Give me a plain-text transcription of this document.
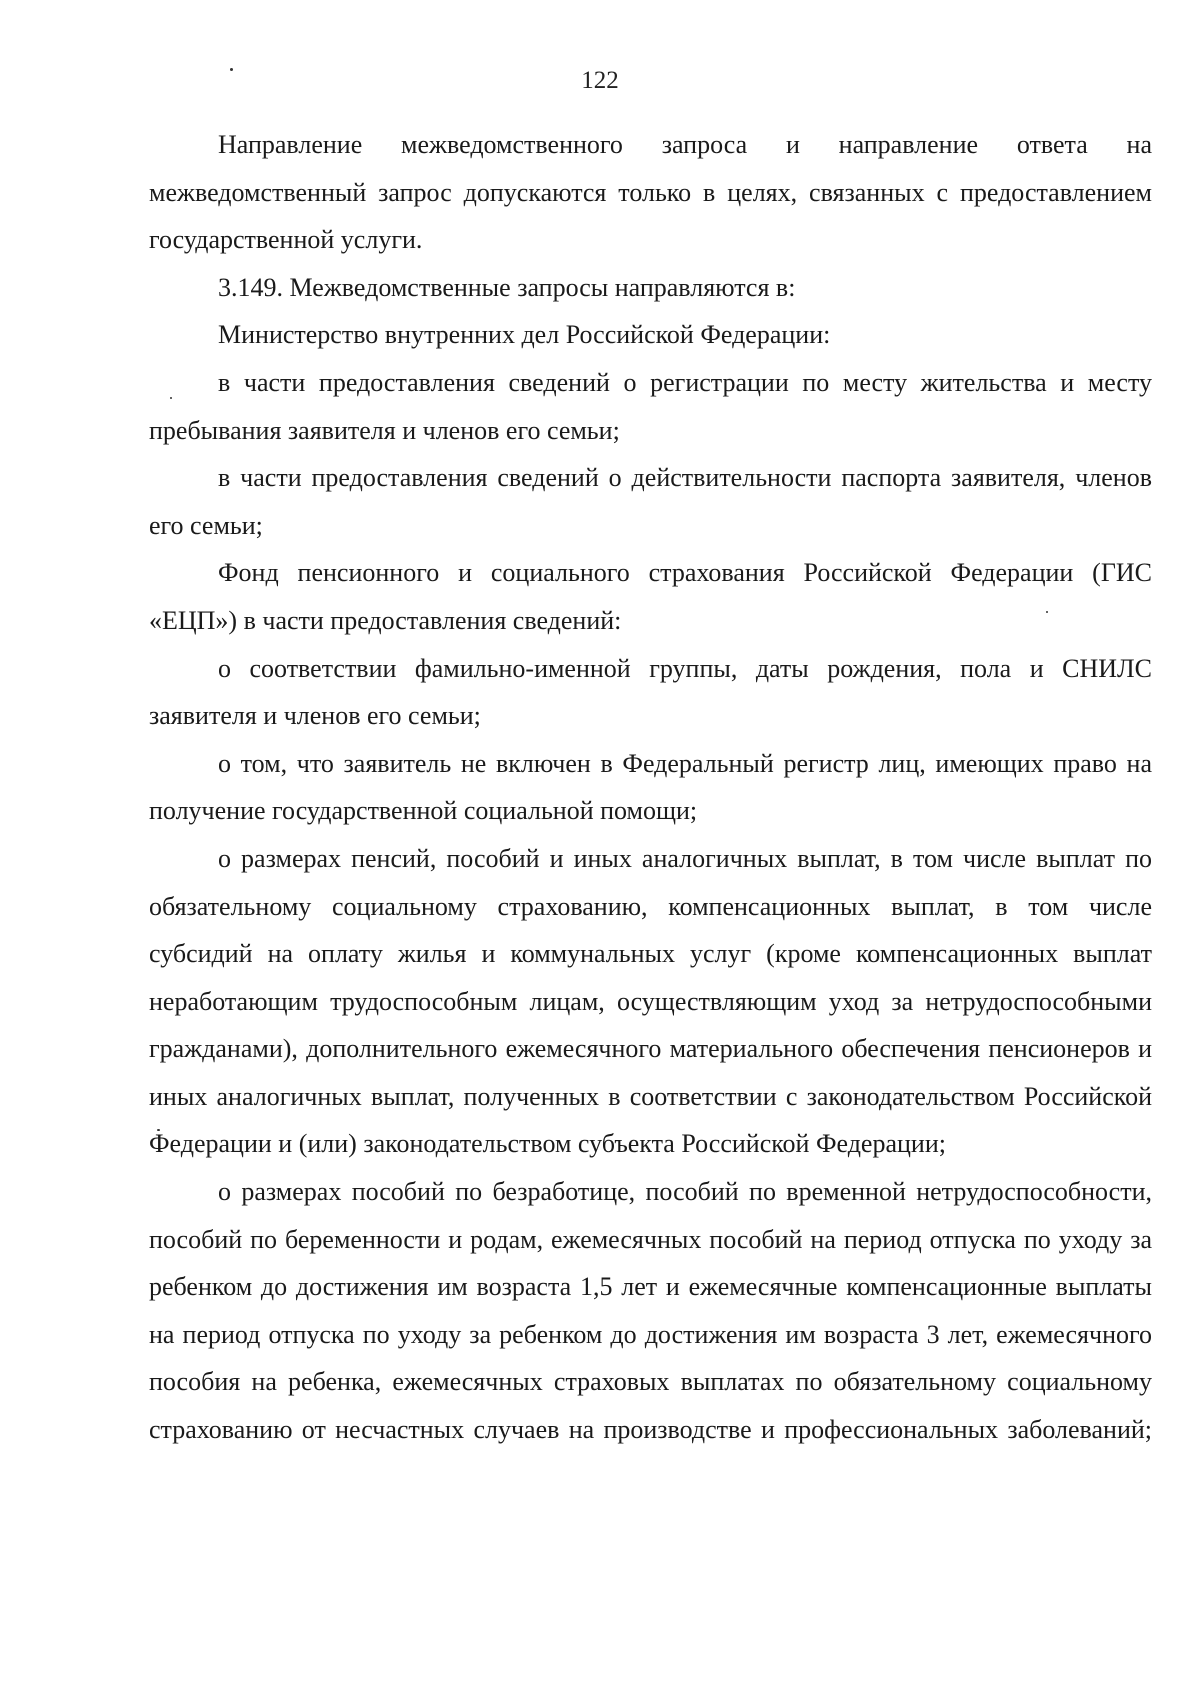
122

Направление межведомственного запроса и направление ответа на межведомственный запрос допускаются только в целях, связанных с предоставлением государственной услуги.

3.149. Межведомственные запросы направляются в:

Министерство внутренних дел Российской Федерации:

в части предоставления сведений о регистрации по месту жительства и месту пребывания заявителя и членов его семьи;

в части предоставления сведений о действительности паспорта заявителя, членов его семьи;

Фонд пенсионного и социального страхования Российской Федерации (ГИС «ЕЦП») в части предоставления сведений:

о соответствии фамильно-именной группы, даты рождения, пола и СНИЛС заявителя и членов его семьи;

о том, что заявитель не включен в Федеральный регистр лиц, имеющих право на получение государственной социальной помощи;

о размерах пенсий, пособий и иных аналогичных выплат, в том числе выплат по обязательному социальному страхованию, компенсационных выплат, в том числе субсидий на оплату жилья и коммунальных услуг (кроме компенсационных выплат неработающим трудоспособным лицам, осуществляющим уход за нетрудоспособными гражданами), дополнительного ежемесячного материального обеспечения пенсионеров и иных аналогичных выплат, полученных в соответствии с законодательством Российской Федерации и (или) законодательством субъекта Российской Федерации;

о размерах пособий по безработице, пособий по временной нетрудоспособности, пособий по беременности и родам, ежемесячных пособий на период отпуска по уходу за ребенком до достижения им возраста 1,5 лет и ежемесячные компенсационные выплаты на период отпуска по уходу за ребенком до достижения им возраста 3 лет, ежемесячного пособия на ребенка, ежемесячных страховых выплатах по обязательному социальному страхованию от несчастных случаев на производстве и профессиональных заболеваний;
